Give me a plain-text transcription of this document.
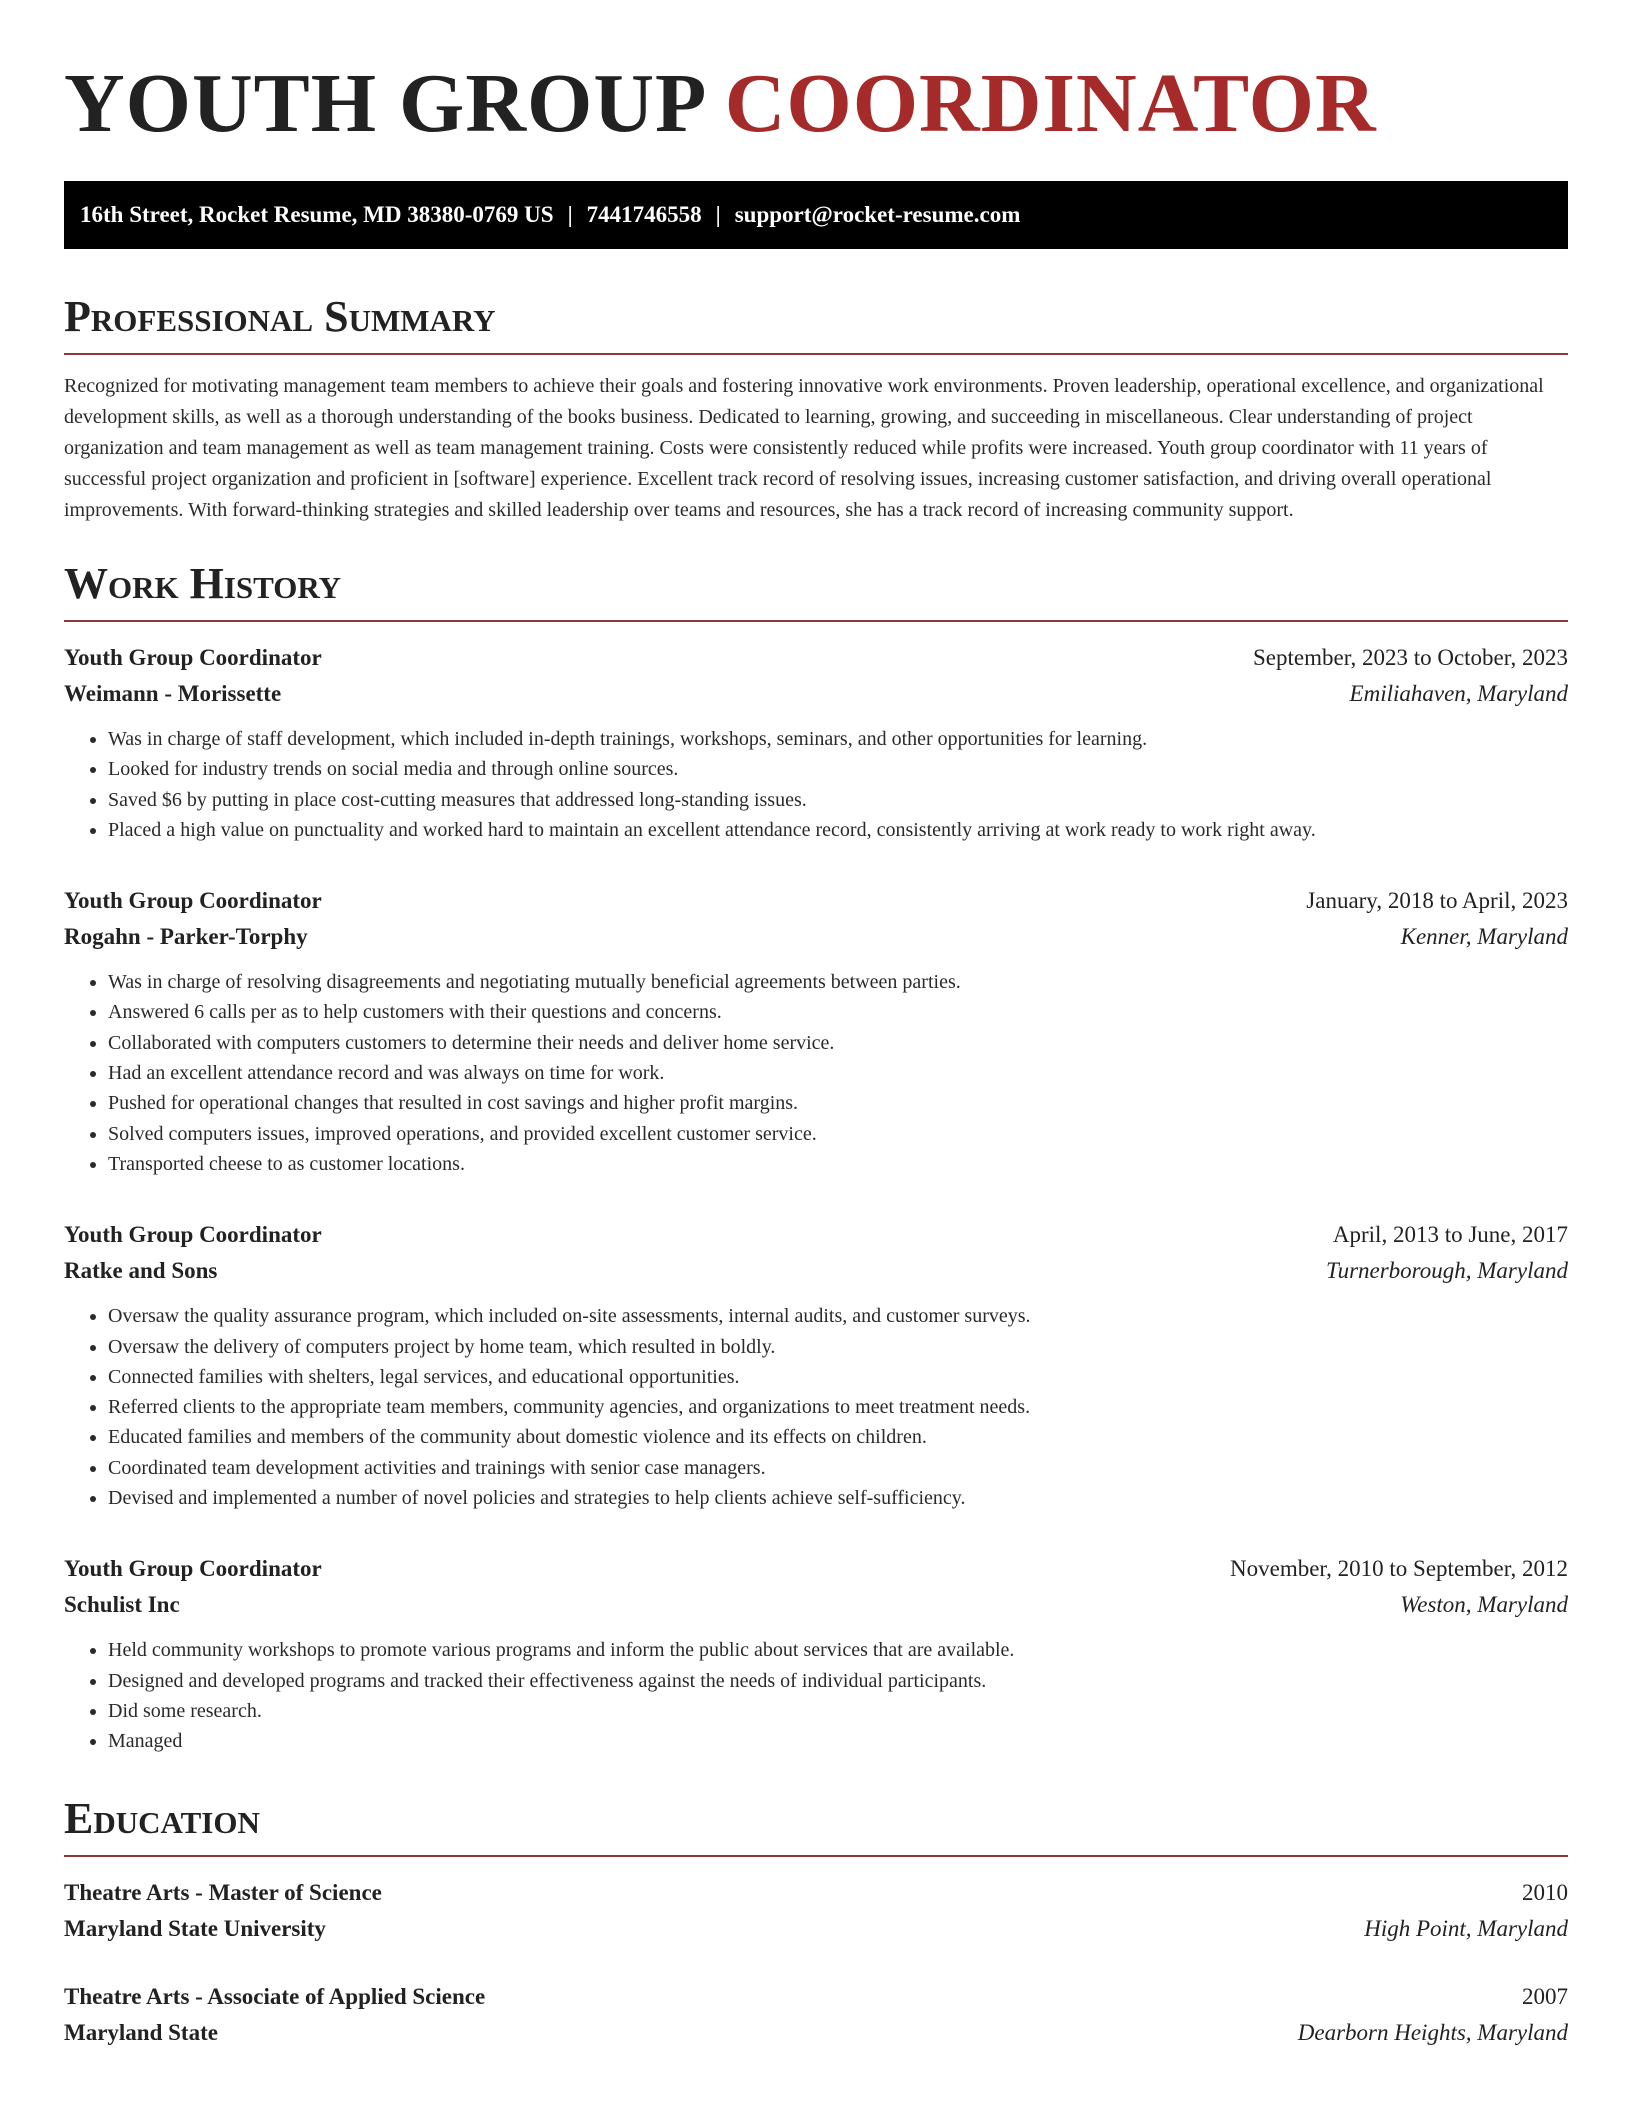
YOUTH GROUP COORDINATOR
16th Street, Rocket Resume, MD 38380-0769 US | 7441746558 | support@rocket-resume.com
Professional Summary

Recognized for motivating management team members to achieve their goals and fostering innovative work environments. Proven leadership, operational excellence, and organizational development skills, as well as a thorough understanding of the books business. Dedicated to learning, growing, and succeeding in miscellaneous. Clear understanding of project organization and team management as well as team management training. Costs were consistently reduced while profits were increased. Youth group coordinator with 11 years of successful project organization and proficient in [software] experience. Excellent track record of resolving issues, increasing customer satisfaction, and driving overall operational improvements. With forward-thinking strategies and skilled leadership over teams and resources, she has a track record of increasing community support.

Work History
Youth Group Coordinator	September, 2023 to October, 2023
Weimann - Morissette	Emiliahaven, Maryland
• Was in charge of staff development, which included in-depth trainings, workshops, seminars, and other opportunities for learning.
• Looked for industry trends on social media and through online sources.
• Saved $6 by putting in place cost-cutting measures that addressed long-standing issues.
• Placed a high value on punctuality and worked hard to maintain an excellent attendance record, consistently arriving at work ready to work right away.
Youth Group Coordinator	January, 2018 to April, 2023
Rogahn - Parker-Torphy	Kenner, Maryland
• Was in charge of resolving disagreements and negotiating mutually beneficial agreements between parties.
• Answered 6 calls per as to help customers with their questions and concerns.
• Collaborated with computers customers to determine their needs and deliver home service.
• Had an excellent attendance record and was always on time for work.
• Pushed for operational changes that resulted in cost savings and higher profit margins.
• Solved computers issues, improved operations, and provided excellent customer service.
• Transported cheese to as customer locations.
Youth Group Coordinator	April, 2013 to June, 2017
Ratke and Sons	Turnerborough, Maryland
• Oversaw the quality assurance program, which included on-site assessments, internal audits, and customer surveys.
• Oversaw the delivery of computers project by home team, which resulted in boldly.
• Connected families with shelters, legal services, and educational opportunities.
• Referred clients to the appropriate team members, community agencies, and organizations to meet treatment needs.
• Educated families and members of the community about domestic violence and its effects on children.
• Coordinated team development activities and trainings with senior case managers.
• Devised and implemented a number of novel policies and strategies to help clients achieve self-sufficiency.
Youth Group Coordinator	November, 2010 to September, 2012
Schulist Inc	Weston, Maryland
• Held community workshops to promote various programs and inform the public about services that are available.
• Designed and developed programs and tracked their effectiveness against the needs of individual participants.
• Did some research.
• Managed
Education
Theatre Arts - Master of Science	2010
Maryland State University	High Point, Maryland
Theatre Arts - Associate of Applied Science	2007
Maryland State	Dearborn Heights, Maryland
